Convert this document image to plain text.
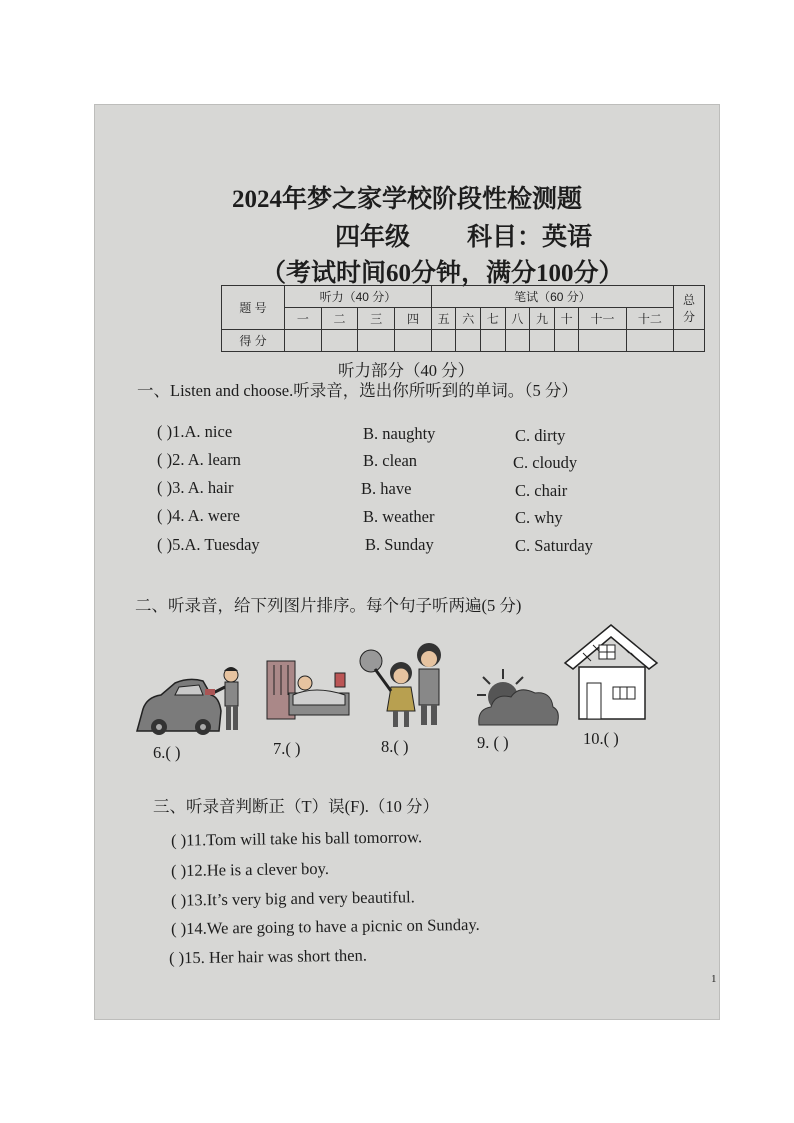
2024年梦之家学校阶段性检测题
四年级 科目：英语
（考试时间60分钟，满分100分）
题 号	听力（40 分）				笔试（60 分）								总
分
	一	二	三	四	五	六	七	八	九	十	十一	十二	
得 分													
听力部分（40 分）
一、Listen and choose.听录音，选出你所听到的单词。（5 分）
( )1.A. nice	B. naughty	C. dirty
( )2. A. learn	B. clean	C. cloudy
( )3. A. hair	B. have	C. chair
( )4. A. were	B. weather	C. why
( )5.A. Tuesday	B. Sunday	C. Saturday
二、听录音，给下列图片排序。每个句子听两遍(5 分)
6.( )	7.( )	8.( )	9. ( )	10.( )
三、听录音判断正（T）误(F).（10 分）
( )11.Tom will take his ball tomorrow.
( )12.He is a clever boy.
( )13.It’s very big and very beautiful.
( )14.We are going to have a picnic on Sunday.
( )15. Her hair was short then.
1
